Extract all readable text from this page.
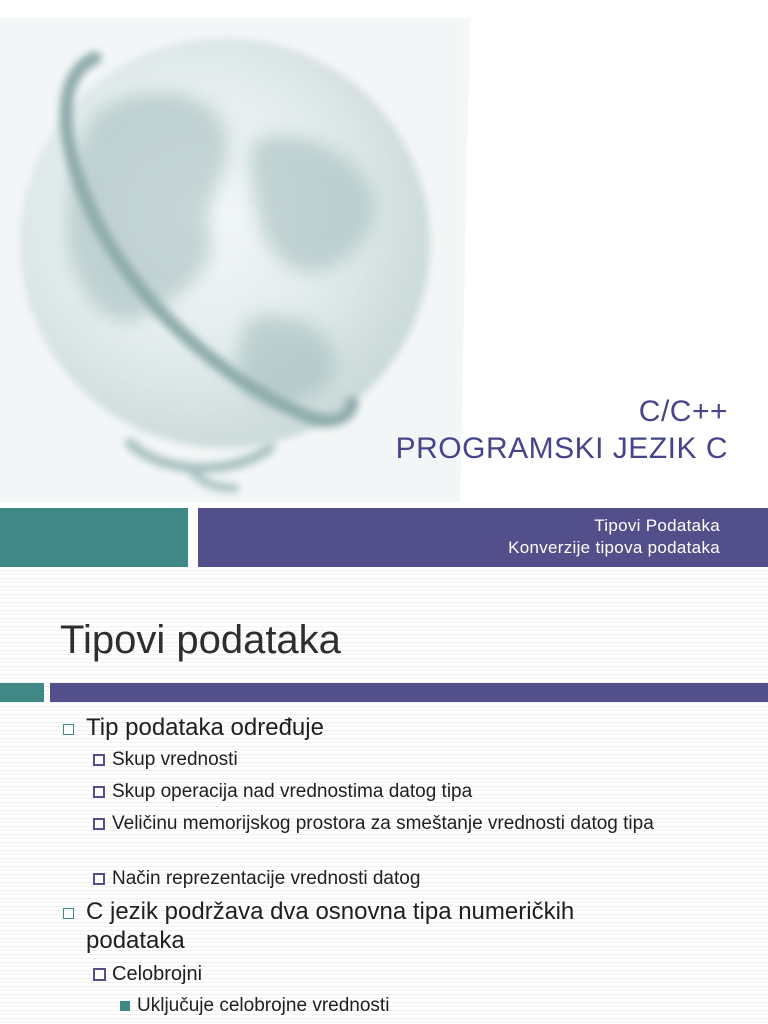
C/C++
PROGRAMSKI JEZIK C
Tipovi Podataka
Konverzije tipova podataka
Tipovi podataka
Tip podataka određuje
Skup vrednosti
Skup operacija nad vrednostima datog tipa
Veličinu memorijskog prostora za smeštanje vrednosti datog tipa
Način reprezentacije vrednosti datog
C jezik podržava dva osnovna tipa numeričkih podataka
Celobrojni
Uključuje celobrojne vrednosti
